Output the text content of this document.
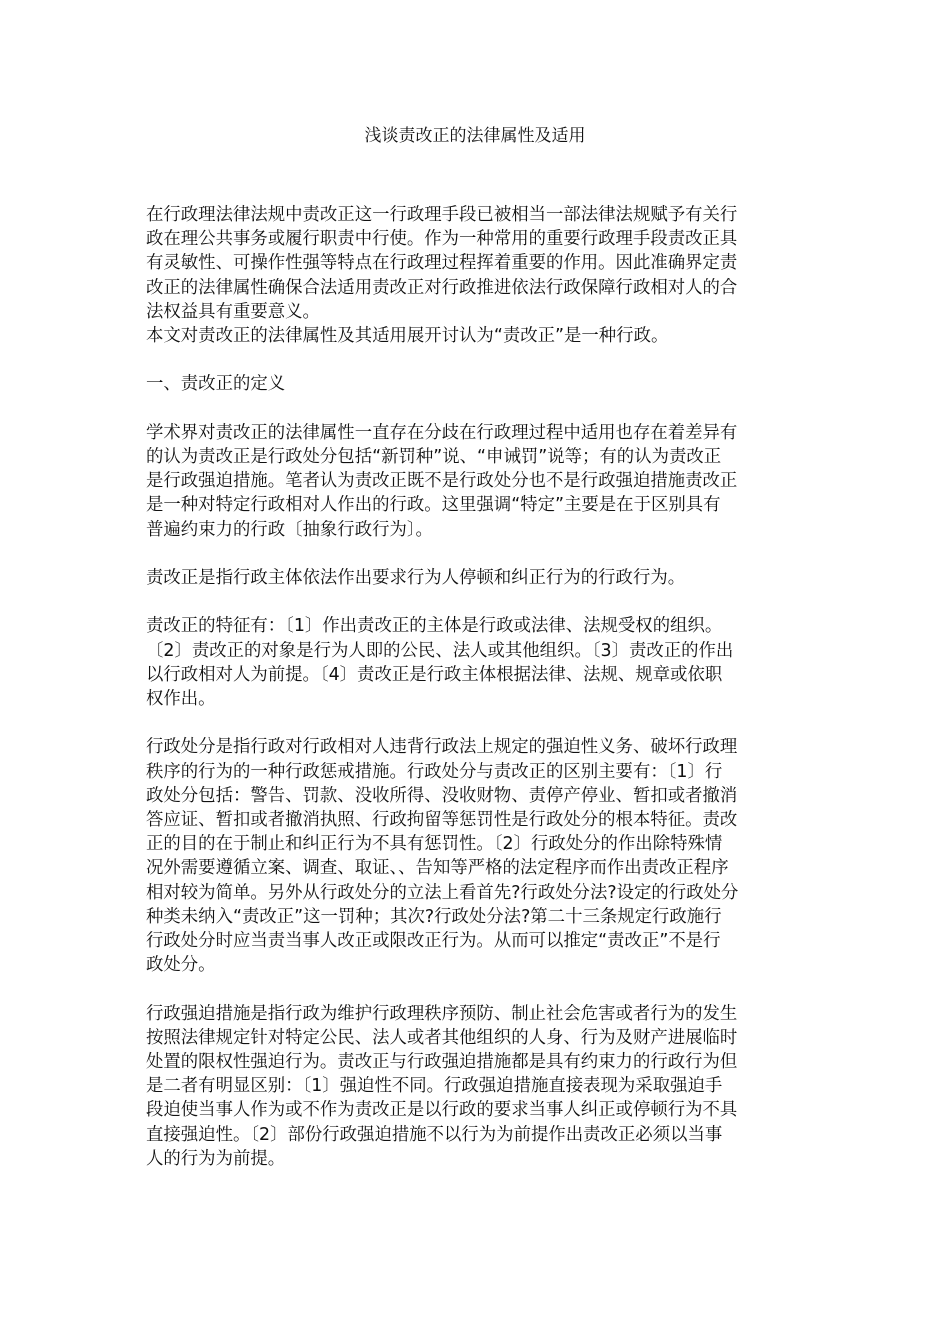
浅谈责改正的法律属性及适用

在行政理法律法规中责改正这一行政理手段已被相当一部法律法规赋予有关行

政在理公共事务或履行职责中行使。作为一种常用的重要行政理手段责改正具

有灵敏性、可操作性强等特点在行政理过程挥着重要的作用。因此准确界定责

改正的法律属性确保合法适用责改正对行政推进依法行政保障行政相对人的合

法权益具有重要意义。

本文对责改正的法律属性及其适用展开讨认为“责改正”是一种行政。

一、责改正的定义

学术界对责改正的法律属性一直存在分歧在行政理过程中适用也存在着差异有

的认为责改正是行政处分包括“新罚种”说、“申诫罚”说等；有的认为责改正

是行政强迫措施。笔者认为责改正既不是行政处分也不是行政强迫措施责改正

是一种对特定行政相对人作出的行政。这里强调“特定”主要是在于区别具有

普遍约束力的行政〔抽象行政行为〕。

责改正是指行政主体依法作出要求行为人停顿和纠正行为的行政行为。

责改正的特征有：〔1〕作出责改正的主体是行政或法律、法规受权的组织。

〔2〕责改正的对象是行为人即的公民、法人或其他组织。〔3〕责改正的作出

以行政相对人为前提。〔4〕责改正是行政主体根据法律、法规、规章或依职

权作出。

行政处分是指行政对行政相对人违背行政法上规定的强迫性义务、破坏行政理

秩序的行为的一种行政惩戒措施。行政处分与责改正的区别主要有：〔1〕行

政处分包括：警告、罚款、没收所得、没收财物、责停产停业、暂扣或者撤消

答应证、暂扣或者撤消执照、行政拘留等惩罚性是行政处分的根本特征。责改

正的目的在于制止和纠正行为不具有惩罚性。〔2〕行政处分的作出除特殊情

况外需要遵循立案、调查、取证、、告知等严格的法定程序而作出责改正程序

相对较为简单。另外从行政处分的立法上看首先?行政处分法?设定的行政处分

种类未纳入“责改正”这一罚种；其次?行政处分法?第二十三条规定行政施行

行政处分时应当责当事人改正或限改正行为。从而可以推定“责改正”不是行

政处分。

行政强迫措施是指行政为维护行政理秩序预防、制止社会危害或者行为的发生

按照法律规定针对特定公民、法人或者其他组织的人身、行为及财产进展临时

处置的限权性强迫行为。责改正与行政强迫措施都是具有约束力的行政行为但

是二者有明显区别：〔1〕强迫性不同。行政强迫措施直接表现为采取强迫手

段迫使当事人作为或不作为责改正是以行政的要求当事人纠正或停顿行为不具

直接强迫性。〔2〕部份行政强迫措施不以行为为前提作出责改正必须以当事

人的行为为前提。
